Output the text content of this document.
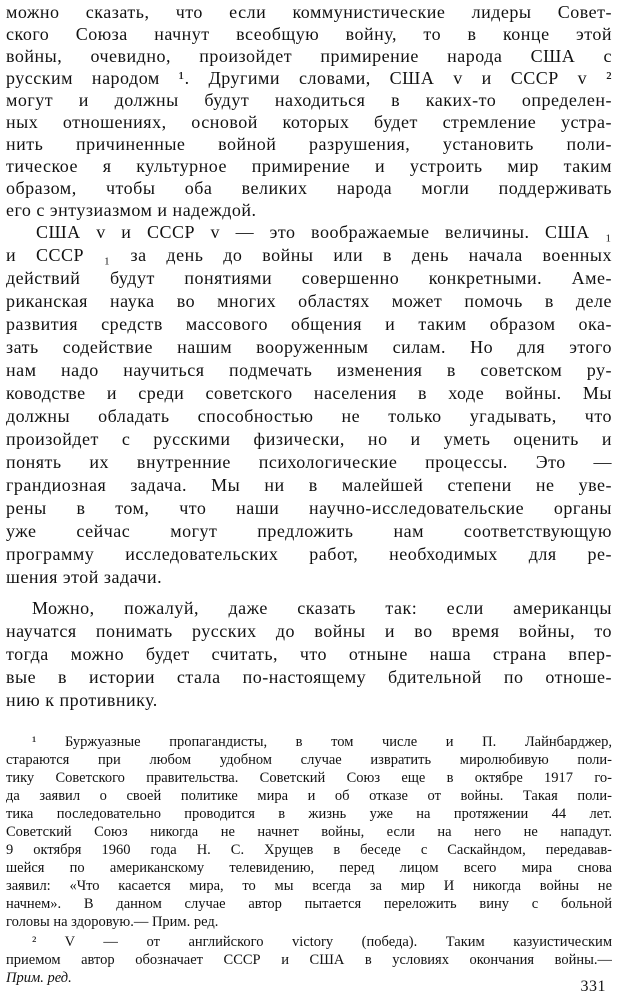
можно сказать, что если коммунистические лидеры Совет-
ского Союза начнут всеобщую войну, то в конце этой
войны, очевидно, произойдет примирение народа США с
русским народом ¹. Другими словами, США v и СССР v ²
могут и должны будут находиться в каких-то определен-
ных отношениях, основой которых будет стремление устра-
нить причиненные войной разрушения, установить поли-
тическое я культурное примирение и устроить мир таким
образом, чтобы оба великих народа могли поддерживать
его с энтузиазмом и надеждой.
США v и СССР v — это воображаемые величины. США ₁
и СССР ₁ за день до войны или в день начала военных
действий будут понятиями совершенно конкретными. Аме-
риканская наука во многих областях может помочь в деле
развития средств массового общения и таким образом ока-
зать содействие нашим вооруженным силам. Но для этого
нам надо научиться подмечать изменения в советском ру-
ководстве и среди советского населения в ходе войны. Мы
должны обладать способностью не только угадывать, что
произойдет с русскими физически, но и уметь оценить и
понять их внутренние психологические процессы. Это —
грандиозная задача. Мы ни в малейшей степени не уве-
рены в том, что наши научно-исследовательские органы
уже сейчас могут предложить нам соответствующую
программу исследовательских работ, необходимых для ре-
шения этой задачи.
Можно, пожалуй, даже сказать так: если американцы
научатся понимать русских до войны и во время войны, то
тогда можно будет считать, что отныне наша страна впер-
вые в истории стала по-настоящему бдительной по отноше-
нию к противнику.
¹ Буржуазные пропагандисты, в том числе и П. Лайнбарджер,
стараются при любом удобном случае извратить миролюбивую поли-
тику Советского правительства. Советский Союз еще в октябре 1917 го-
да заявил о своей политике мира и об отказе от войны. Такая поли-
тика последовательно проводится в жизнь уже на протяжении 44 лет.
Советский Союз никогда не начнет войны, если на него не нападут.
9 октября 1960 года Н. С. Хрущев в беседе с Саскайндом, передавав-
шейся по американскому телевидению, перед лицом всего мира снова
заявил: «Что касается мира, то мы всегда за мир И никогда войны не
начнем». В данном случае автор пытается переложить вину с больной
головы на здоровую.— Прим. ред.
² V — от английского victory (победа). Таким казуистическим
приемом автор обозначает СССР и США в условиях окончания войны.—
Прим. ред.	331
